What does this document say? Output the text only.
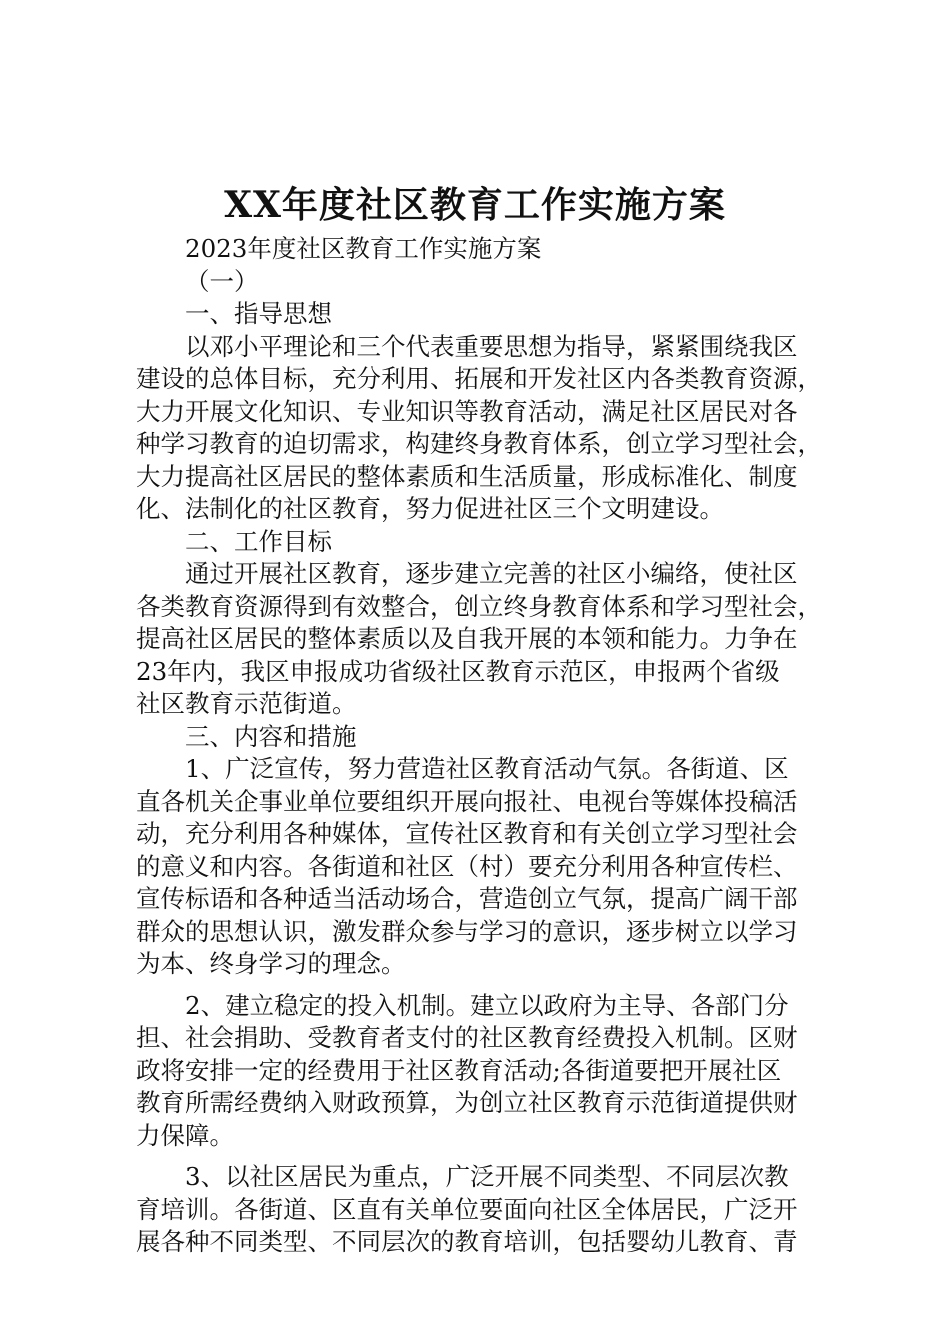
XX年度社区教育工作实施方案
2023年度社区教育工作实施方案
（一）
一、指导思想
以邓小平理论和三个代表重要思想为指导，紧紧围绕我区
建设的总体目标，充分利用、拓展和开发社区内各类教育资源，
大力开展文化知识、专业知识等教育活动，满足社区居民对各
种学习教育的迫切需求，构建终身教育体系，创立学习型社会，
大力提高社区居民的整体素质和生活质量，形成标准化、制度
化、法制化的社区教育，努力促进社区三个文明建设。
二、工作目标
通过开展社区教育，逐步建立完善的社区小编络，使社区
各类教育资源得到有效整合，创立终身教育体系和学习型社会，
提高社区居民的整体素质以及自我开展的本领和能力。力争在
23年内，我区申报成功省级社区教育示范区，申报两个省级
社区教育示范街道。
三、内容和措施
1、广泛宣传，努力营造社区教育活动气氛。各街道、区
直各机关企事业单位要组织开展向报社、电视台等媒体投稿活
动，充分利用各种媒体，宣传社区教育和有关创立学习型社会
的意义和内容。各街道和社区（村）要充分利用各种宣传栏、
宣传标语和各种适当活动场合，营造创立气氛，提高广阔干部
群众的思想认识，激发群众参与学习的意识，逐步树立以学习
为本、终身学习的理念。
2、建立稳定的投入机制。建立以政府为主导、各部门分
担、社会捐助、受教育者支付的社区教育经费投入机制。区财
政将安排一定的经费用于社区教育活动;各街道要把开展社区
教育所需经费纳入财政预算，为创立社区教育示范街道提供财
力保障。
3、以社区居民为重点，广泛开展不同类型、不同层次教
育培训。各街道、区直有关单位要面向社区全体居民，广泛开
展各种不同类型、不同层次的教育培训，包括婴幼儿教育、青
